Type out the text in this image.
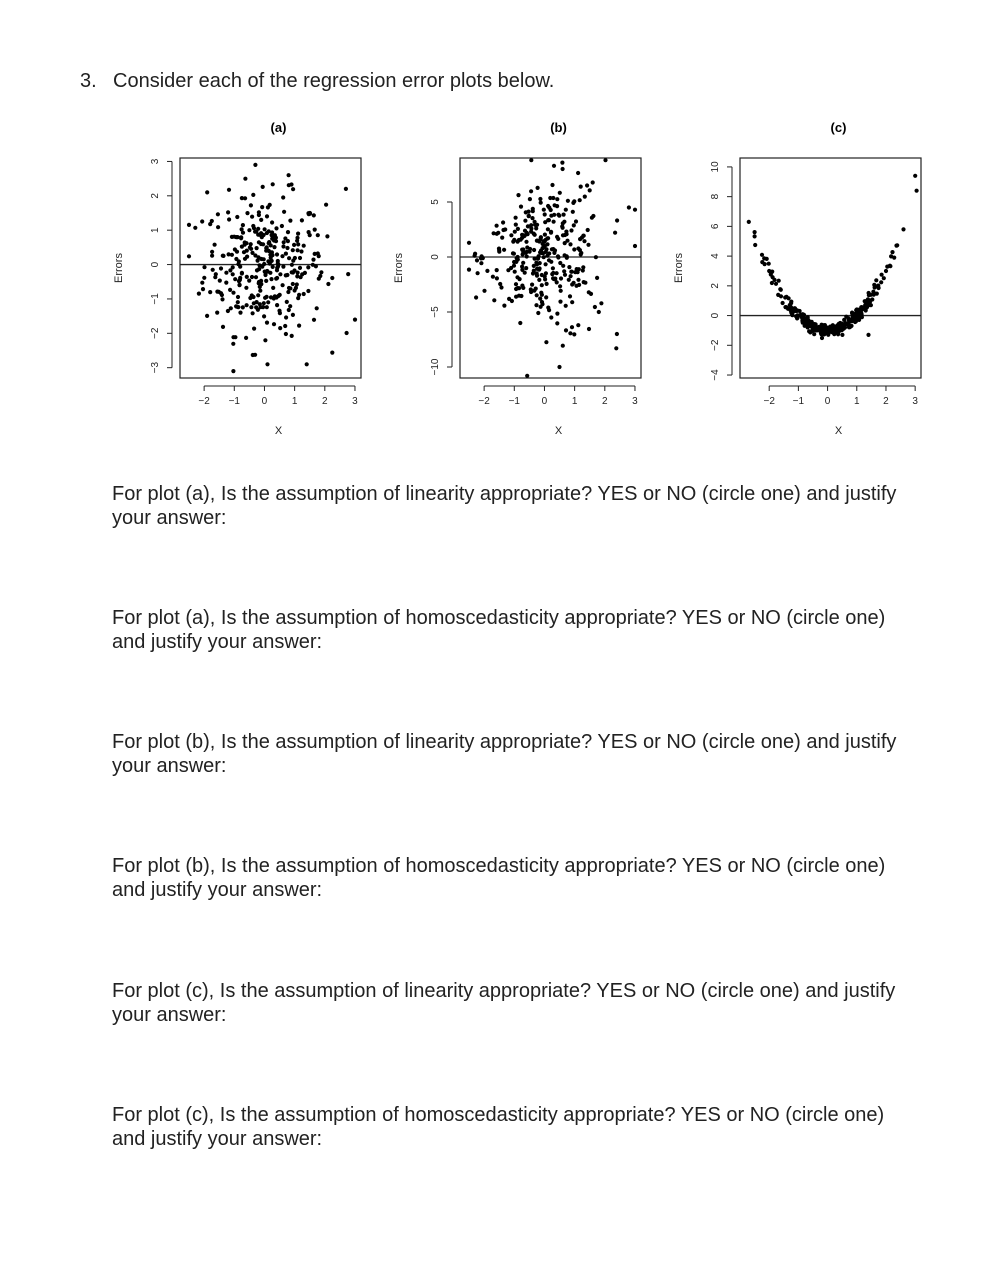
3. Consider each of the regression error plots below.
(a)
−2 −1 0 1 2 3
X
−3
−2
−1
0
1
2
3
Errors
(b)
−2 −1 0 1 2 3
X
−10
−5
0
5
Errors
(c)
−2 −1 0 1 2 3
X
−4
−2
0
2
4
6
8
10
Errors
For plot (a), Is the assumption of linearity appropriate? YES or NO (circle one) and justify your answer:
For plot (a), Is the assumption of homoscedasticity appropriate? YES or NO (circle one) and justify your answer:
For plot (b), Is the assumption of linearity appropriate? YES or NO (circle one) and justify your answer:
For plot (b), Is the assumption of homoscedasticity appropriate? YES or NO (circle one) and justify your answer:
For plot (c), Is the assumption of linearity appropriate? YES or NO (circle one) and justify your answer:
For plot (c), Is the assumption of homoscedasticity appropriate? YES or NO (circle one) and justify your answer:
